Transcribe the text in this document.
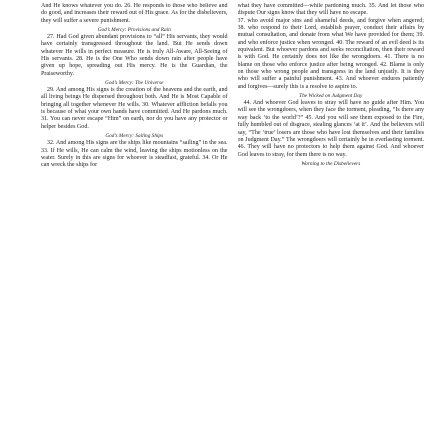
And He knows whatever you do. 26. He responds to those who believe and do good, and increases their reward out of His grace. As for the disbelievers, they will suffer a severe punishment.

God’s Mercy: Provisions and Rain

27. Had God given abundant provisions to “all” His servants, they would have certainly transgressed throughout the land. But He sends down whatever He wills in perfect measure. He is truly All-Aware, All-Seeing of His servants. 28. He is the One Who sends down rain after people have given up hope, spreading out His mercy. He is the Guardian, the Praiseworthy.

God’s Mercy: The Universe

29. And among His signs is the creation of the heavens and the earth, and all living beings He dispersed throughout both. And He is Most Capable of bringing all together whenever He wills. 30. Whatever affliction befalls you is because of what your own hands have committed. And He pardons much. 31. You can never escape “Him” on earth, nor do you have any protector or helper besides God.

God’s Mercy: Sailing Ships

32. And among His signs are the ships like mountains “sailing” in the sea. 33. If He wills, He can calm the wind, leaving the ships motionless on the water. Surely in this are signs for whoever is steadfast, grateful. 34. Or He can wreck the ships for

what they have committed—while pardoning much. 35. And let those who dispute Our signs know that they will have no escape.

37. who avoid major sins and shameful deeds, and forgive when angered; 38. who respond to their Lord, establish prayer, conduct their affairs by mutual consultation, and donate from what We have provided for them; 39. and who enforce justice when wronged. 40. The reward of an evil deed is its equivalent. But whoever pardons and seeks reconciliation, then their reward is with God. He certainly does not like the wrongdoers. 41. There is no blame on those who enforce justice after being wronged. 42. Blame is only on those who wrong people and transgress in the land unjustly. It is they who will suffer a painful punishment. 43. And whoever endures patiently and forgives—surely this is a resolve to aspire to.

The Wicked on Judgment Day

44. And whoever God leaves to stray will have no guide after Him. You will see the wrongdoers, when they face the torment, pleading, “Is there any way back ‘to the world’?” 45. And you will see them exposed to the Fire, fully humbled out of disgrace, stealing glances ‘at it’. And the believers will say, “The ‘true’ losers are those who have lost themselves and their families on Judgment Day.” The wrongdoers will certainly be in everlasting torment. 46. They will have no protectors to help them against God. And whoever God leaves to stray, for them there is no way.

Warning to the Disbelievers
